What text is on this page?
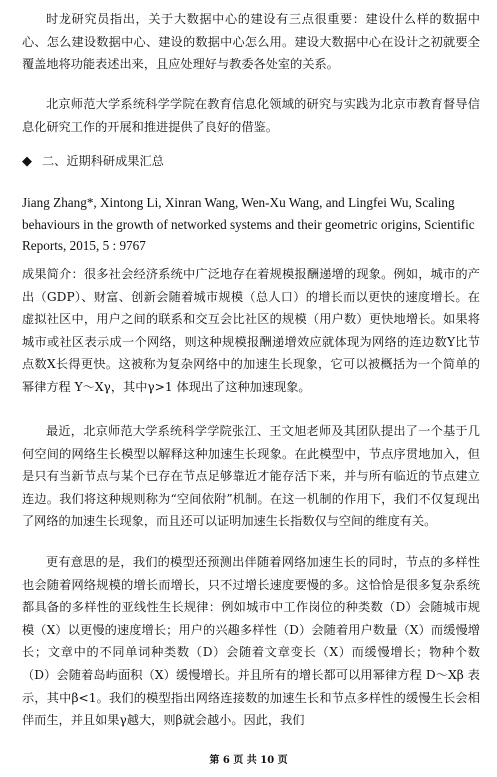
时龙研究员指出，关于大数据中心的建设有三点很重要：建设什么样的数据中心、怎么建设数据中心、建设的数据中心怎么用。建设大数据中心在设计之初就要全覆盖地将功能表述出来，且应处理好与教委各处室的关系。

北京师范大学系统科学学院在教育信息化领域的研究与实践为北京市教育督导信息化研究工作的开展和推进提供了良好的借鉴。

◆ 二、近期科研成果汇总

Jiang Zhang*, Xintong Li, Xinran Wang, Wen-Xu Wang, and Lingfei Wu, Scaling behaviours in the growth of networked systems and their geometric origins, Scientific Reports, 2015, 5 : 9767

成果简介：很多社会经济系统中广泛地存在着规模报酬递增的现象。例如，城市的产出（GDP）、财富、创新会随着城市规模（总人口）的增长而以更快的速度增长。在虚拟社区中，用户之间的联系和交互会比社区的规模（用户数）更快地增长。如果将城市或社区表示成一个网络，则这种规模报酬递增效应就体现为网络的连边数Y比节点数X长得更快。这被称为复杂网络中的加速生长现象，它可以被概括为一个简单的幂律方程 Y～Xγ，其中γ>1 体现出了这种加速现象。

最近，北京师范大学系统科学学院张江、王文旭老师及其团队提出了一个基于几何空间的网络生长模型以解释这种加速生长现象。在此模型中，节点序贯地加入，但是只有当新节点与某个已存在节点足够靠近才能存活下来，并与所有临近的节点建立连边。我们将这种规则称为“空间依附”机制。在这一机制的作用下，我们不仅复现出了网络的加速生长现象，而且还可以证明加速生长指数仅与空间的维度有关。

更有意思的是，我们的模型还预测出伴随着网络加速生长的同时，节点的多样性也会随着网络规模的增长而增长，只不过增长速度要慢的多。这恰恰是很多复杂系统都具备的多样性的亚线性生长规律：例如城市中工作岗位的种类数（D）会随城市规模（X）以更慢的速度增长；用户的兴趣多样性（D）会随着用户数量（X）而缓慢增长；文章中的不同单词种类数（D）会随着文章变长（X）而缓慢增长；物种个数（D）会随着岛屿面积（X）缓慢增长。并且所有的增长都可以用幂律方程 D～Xβ 表示，其中β<1。我们的模型指出网络连接数的加速生长和节点多样性的缓慢生长会相伴而生，并且如果γ越大，则β就会越小。因此，我们

第 6 页 共 10 页
